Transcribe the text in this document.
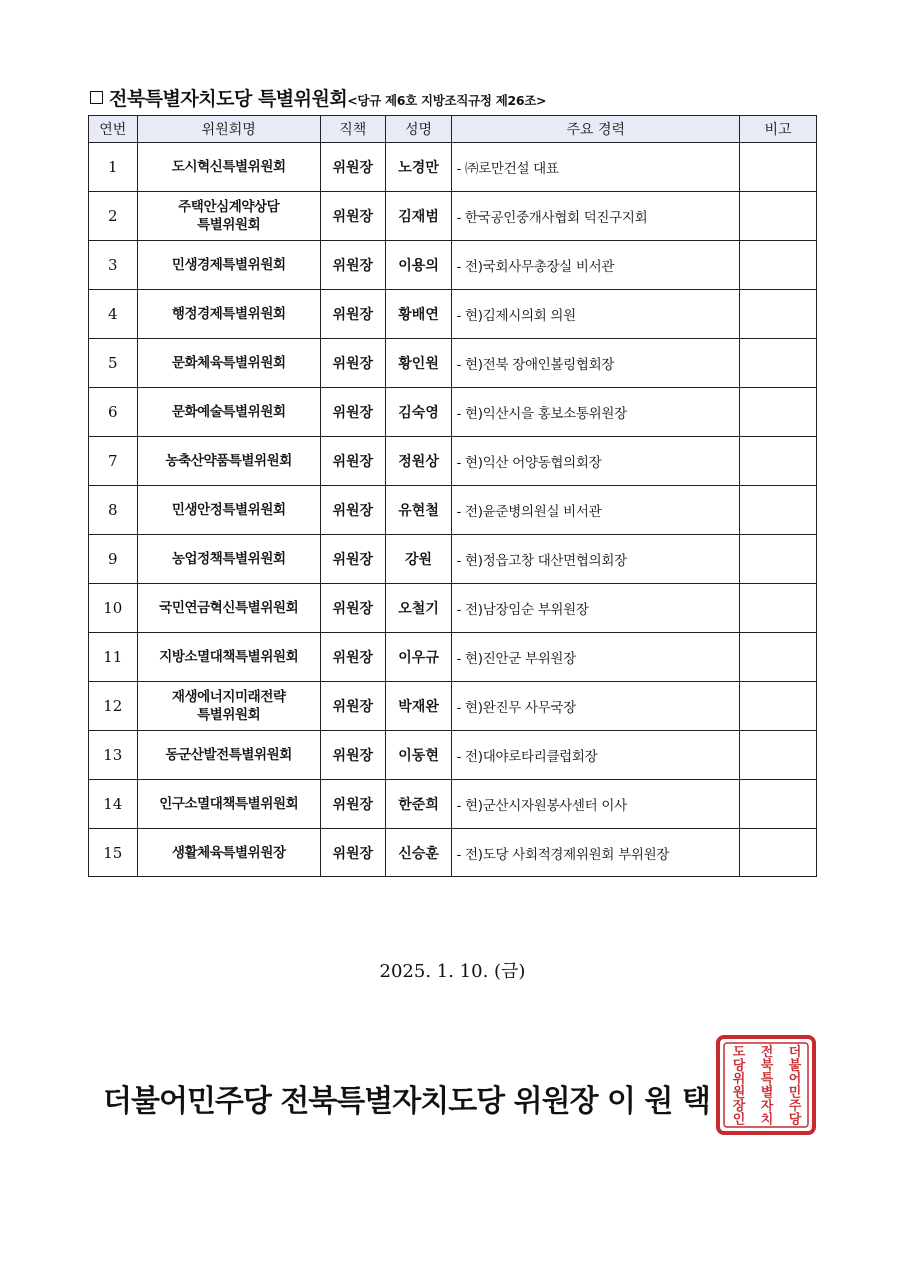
전북특별자치도당 특별위원회<당규 제6호 지방조직규정 제26조>
연번	위원회명	직책	성명	주요 경력	비고
1	도시혁신특별위원회	위원장	노경만	- ㈜로만건설 대표	
2	주택안심계약상담
특별위원회	위원장	김재범	- 한국공인중개사협회 덕진구지회	
3	민생경제특별위원회	위원장	이용의	- 전)국회사무총장실 비서관	
4	행정경제특별위원회	위원장	황배연	- 현)김제시의회 의원	
5	문화체육특별위원회	위원장	황인원	- 현)전북 장애인볼링협회장	
6	문화예술특별위원회	위원장	김숙영	- 현)익산시을 홍보소통위원장	
7	농축산약품특별위원회	위원장	정원상	- 현)익산 어양동협의회장	
8	민생안정특별위원회	위원장	유현철	- 전)윤준병의원실 비서관	
9	농업정책특별위원회	위원장	강원	- 현)정읍고창 대산면협의회장	
10	국민연금혁신특별위원회	위원장	오철기	- 전)남장임순 부위원장	
11	지방소멸대책특별위원회	위원장	이우규	- 현)진안군 부위원장	
12	재생에너지미래전략
특별위원회	위원장	박재완	- 현)완진무 사무국장	
13	동군산발전특별위원회	위원장	이동현	- 전)대야로타리클럽회장	
14	인구소멸대책특별위원회	위원장	한준희	- 현)군산시자원봉사센터 이사	
15	생활체육특별위원장	위원장	신승훈	- 전)도당 사회적경제위원회 부위원장	
2025. 1. 10. (금)
더불어민주당 전북특별자치도당 위원장 이 원 택
더
불
어
민
주
당
전
북
특
별
자
치
도
당
위
원
장
인
